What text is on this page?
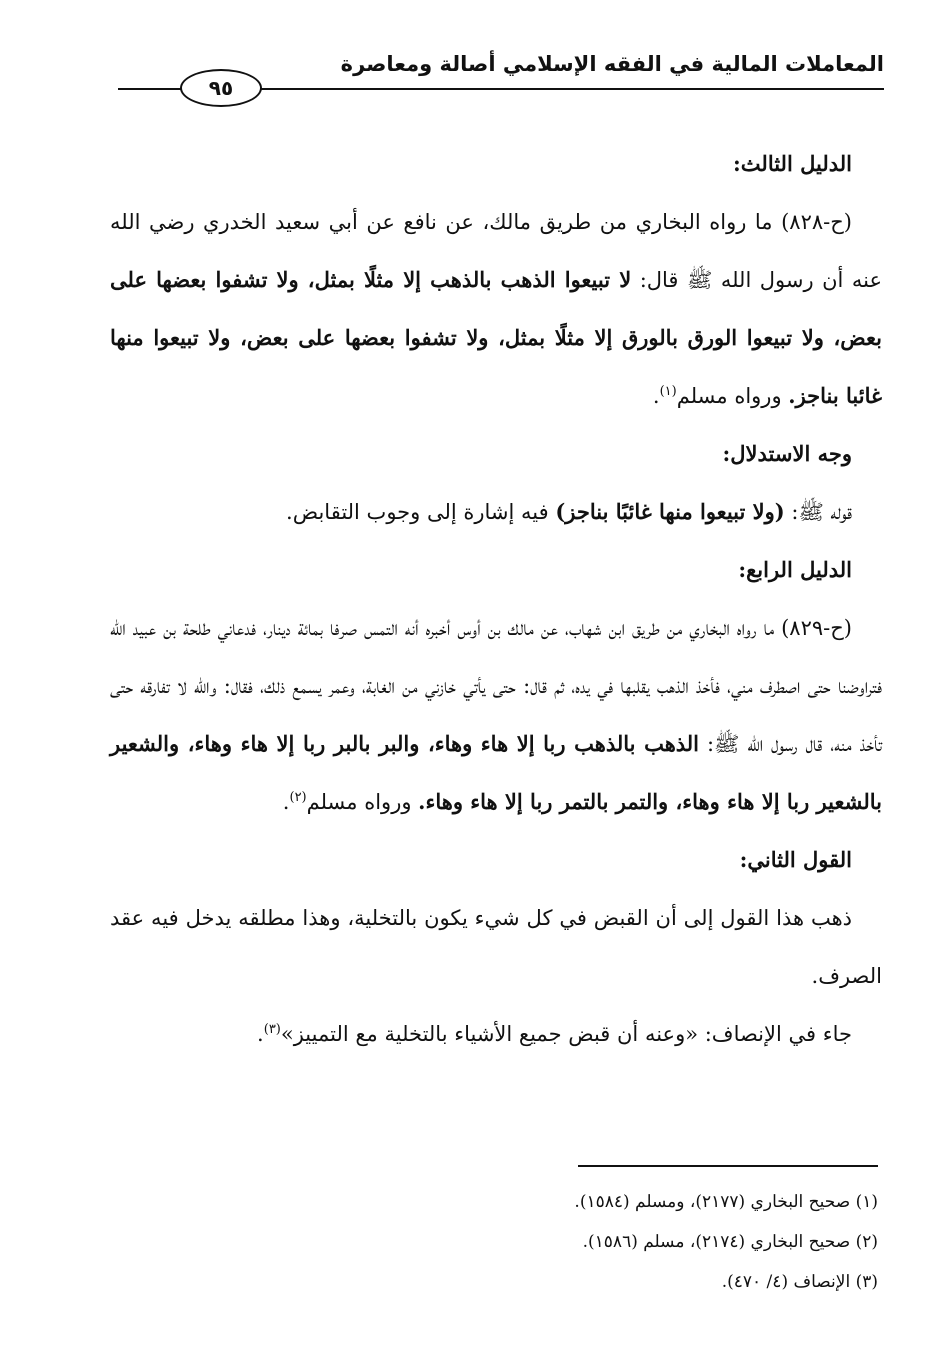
المعاملات المالية في الفقه الإسلامي أصالة ومعاصرة
٩٥

الدليل الثالث:

(ح-٨٢٨) ما رواه البخاري من طريق مالك، عن نافع عن أبي سعيد الخدري رضي الله عنه أن رسول الله ﷺ قال: لا تبيعوا الذهب بالذهب إلا مثلًا بمثل، ولا تشفوا بعضها على بعض، ولا تبيعوا الورق بالورق إلا مثلًا بمثل، ولا تشفوا بعضها على بعض، ولا تبيعوا منها غائبا بناجز. ورواه مسلم$^{(١)}$.

وجه الاستدلال:

قوله ﷺ: (ولا تبيعوا منها غائبًا بناجز) فيه إشارة إلى وجوب التقابض.

الدليل الرابع:

(ح-٨٢٩) ما رواه البخاري من طريق ابن شهاب، عن مالك بن أوس أخبره أنه التمس صرفا بمائة دينار، فدعاني طلحة بن عبيد الله فتراوضنا حتى اصطرف مني، فأخذ الذهب يقلبها في يده، ثم قال: حتى يأتي خازني من الغابة، وعمر يسمع ذلك، فقال: والله لا تفارقه حتى تأخذ منه، قال رسول الله ﷺ: الذهب بالذهب ربا إلا هاء وهاء، والبر بالبر ربا إلا هاء وهاء، والشعير بالشعير ربا إلا هاء وهاء، والتمر بالتمر ربا إلا هاء وهاء. ورواه مسلم$^{(٢)}$.

القول الثاني:

ذهب هذا القول إلى أن القبض في كل شيء يكون بالتخلية، وهذا مطلقه يدخل فيه عقد الصرف.

جاء في الإنصاف: «وعنه أن قبض جميع الأشياء بالتخلية مع التمييز»$^{(٣)}$.

(١) صحيح البخاري (٢١٧٧)، ومسلم (١٥٨٤).

(٢) صحيح البخاري (٢١٧٤)، مسلم (١٥٨٦).

(٣) الإنصاف (٤/ ٤٧٠).
